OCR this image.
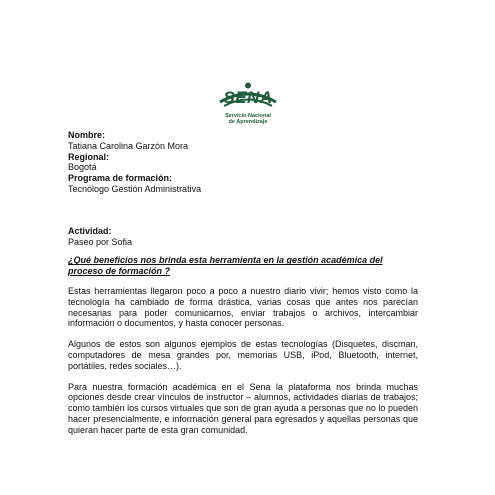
SENA
Servicio Nacional
de Aprendizaje
Nombre:
Tatiana Carolina Garzón Mora
Regional:
Bogotá
Programa de formación:
Tecnólogo Gestión Administrativa
Actividad:
Paseo por Sofia
¿Qué beneficios nos brinda esta herramienta en la gestión académica del proceso de formación ?
Estas herramientas llegaron poco a poco a nuestro diario vivir; hemos visto como la tecnología ha cambiado de forma drástica, varias cosas que antes nos parecían necesarias para poder comunicarnos, enviar trabajos o archivos, intercambiar información o documentos, y hasta conocer personas.
Algunos de estos son algunos ejemplos de estas tecnologías (Disquetes, discman, computadores de mesa grandes por, memorias USB, iPod, Bluetooth, internet, portátiles, redes sociales…).
Para nuestra formación académica en el Sena la plataforma nos brinda muchas opciones desde crear vínculos de instructor – alumnos, actividades diarias de trabajos; como también los cursos virtuales que son de gran ayuda a personas que no lo pueden hacer presencialmente, e información general para egresados y aquellas personas que quieran hacer parte de esta gran comunidad.
